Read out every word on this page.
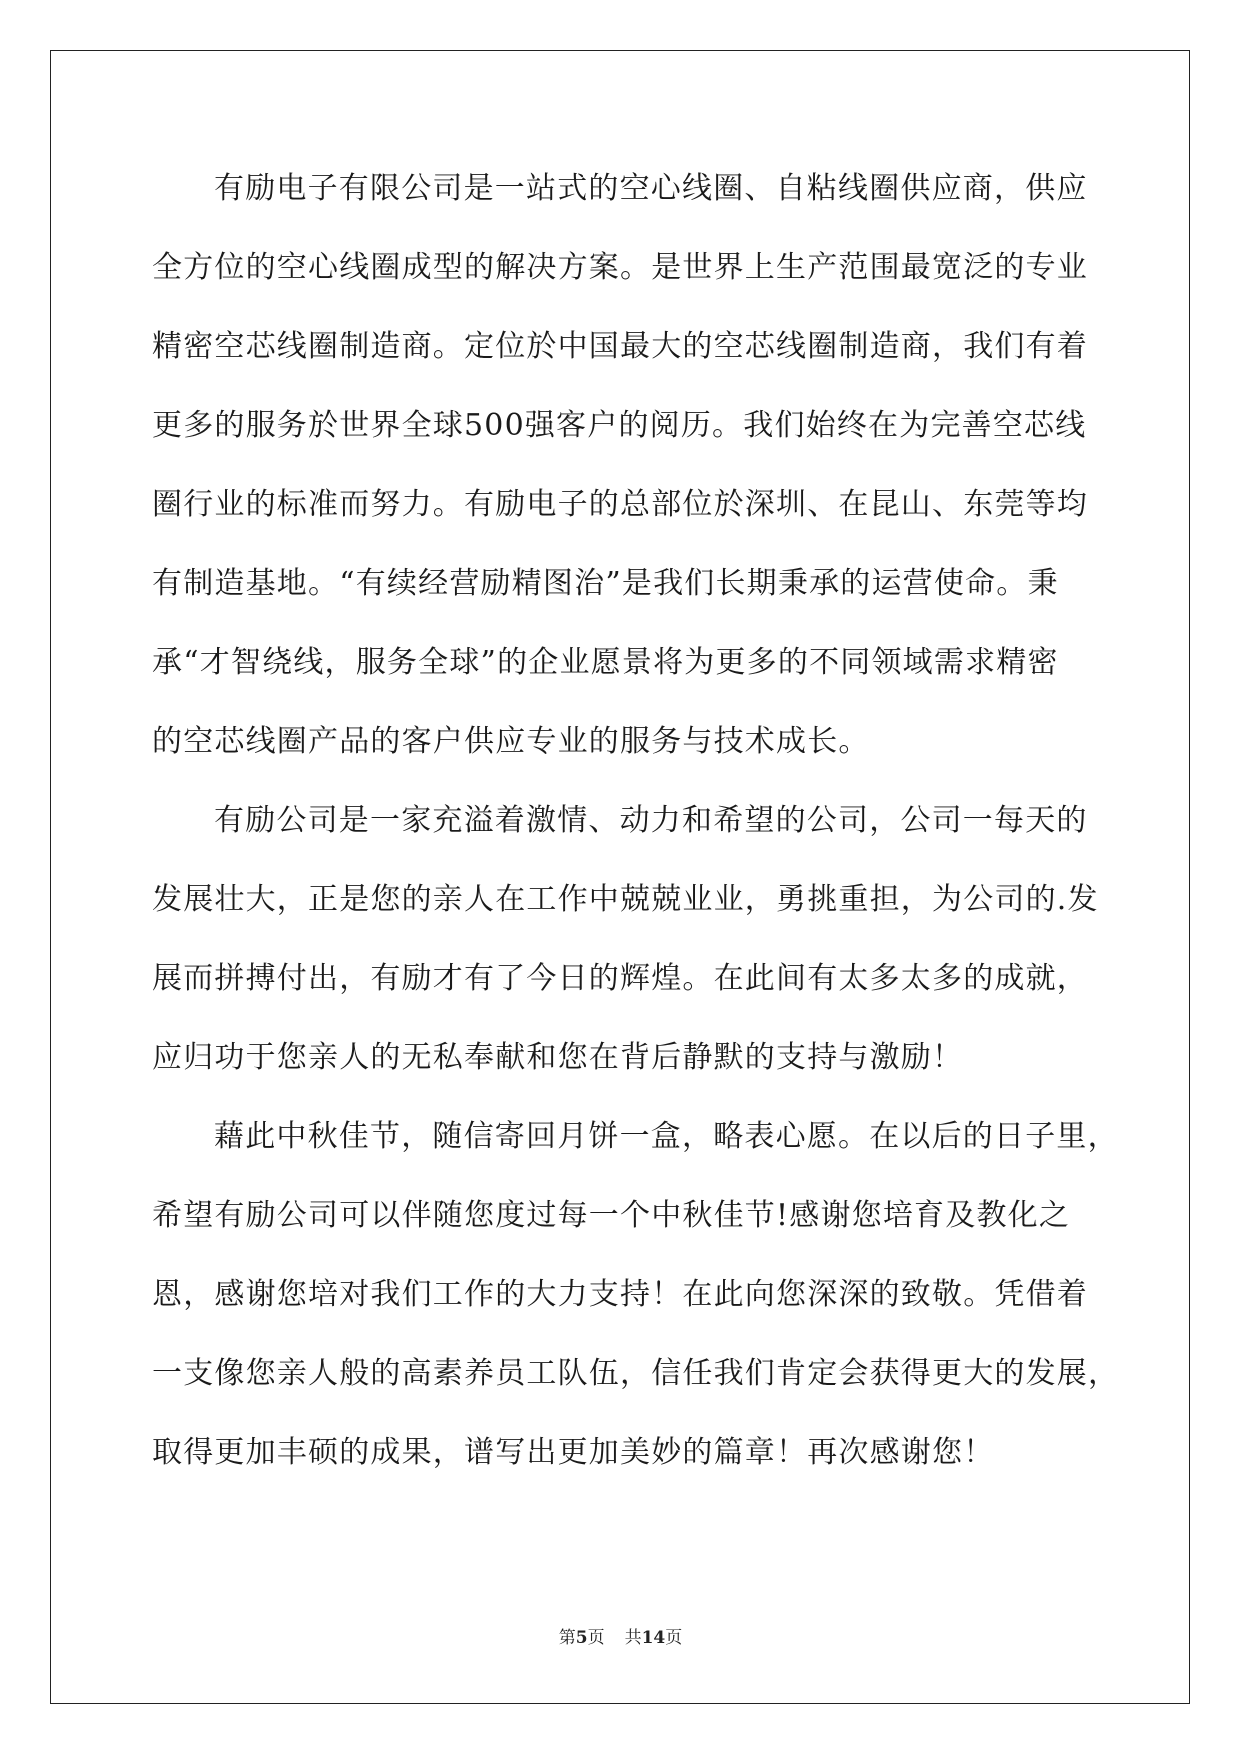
有励电子有限公司是一站式的空心线圈、自粘线圈供应商，供应
全方位的空心线圈成型的解决方案。是世界上生产范围最宽泛的专业
精密空芯线圈制造商。定位於中国最大的空芯线圈制造商，我们有着
更多的服务於世界全球500强客户的阅历。我们始终在为完善空芯线
圈行业的标准而努力。有励电子的总部位於深圳、在昆山、东莞等均
有制造基地。“有续经营励精图治”是我们长期秉承的运营使命。秉
承“才智绕线，服务全球”的企业愿景将为更多的不同领域需求精密
的空芯线圈产品的客户供应专业的服务与技术成长。
有励公司是一家充溢着激情、动力和希望的公司，公司一每天的
发展壮大，正是您的亲人在工作中兢兢业业，勇挑重担，为公司的.发
展而拼搏付出，有励才有了今日的辉煌。在此间有太多太多的成就，
应归功于您亲人的无私奉献和您在背后静默的支持与激励！
藉此中秋佳节，随信寄回月饼一盒，略表心愿。在以后的日子里，
希望有励公司可以伴随您度过每一个中秋佳节!感谢您培育及教化之
恩，感谢您培对我们工作的大力支持！在此向您深深的致敬。凭借着
一支像您亲人般的高素养员工队伍，信任我们肯定会获得更大的发展，
取得更加丰硕的成果，谱写出更加美妙的篇章！再次感谢您！
第5页 共14页
